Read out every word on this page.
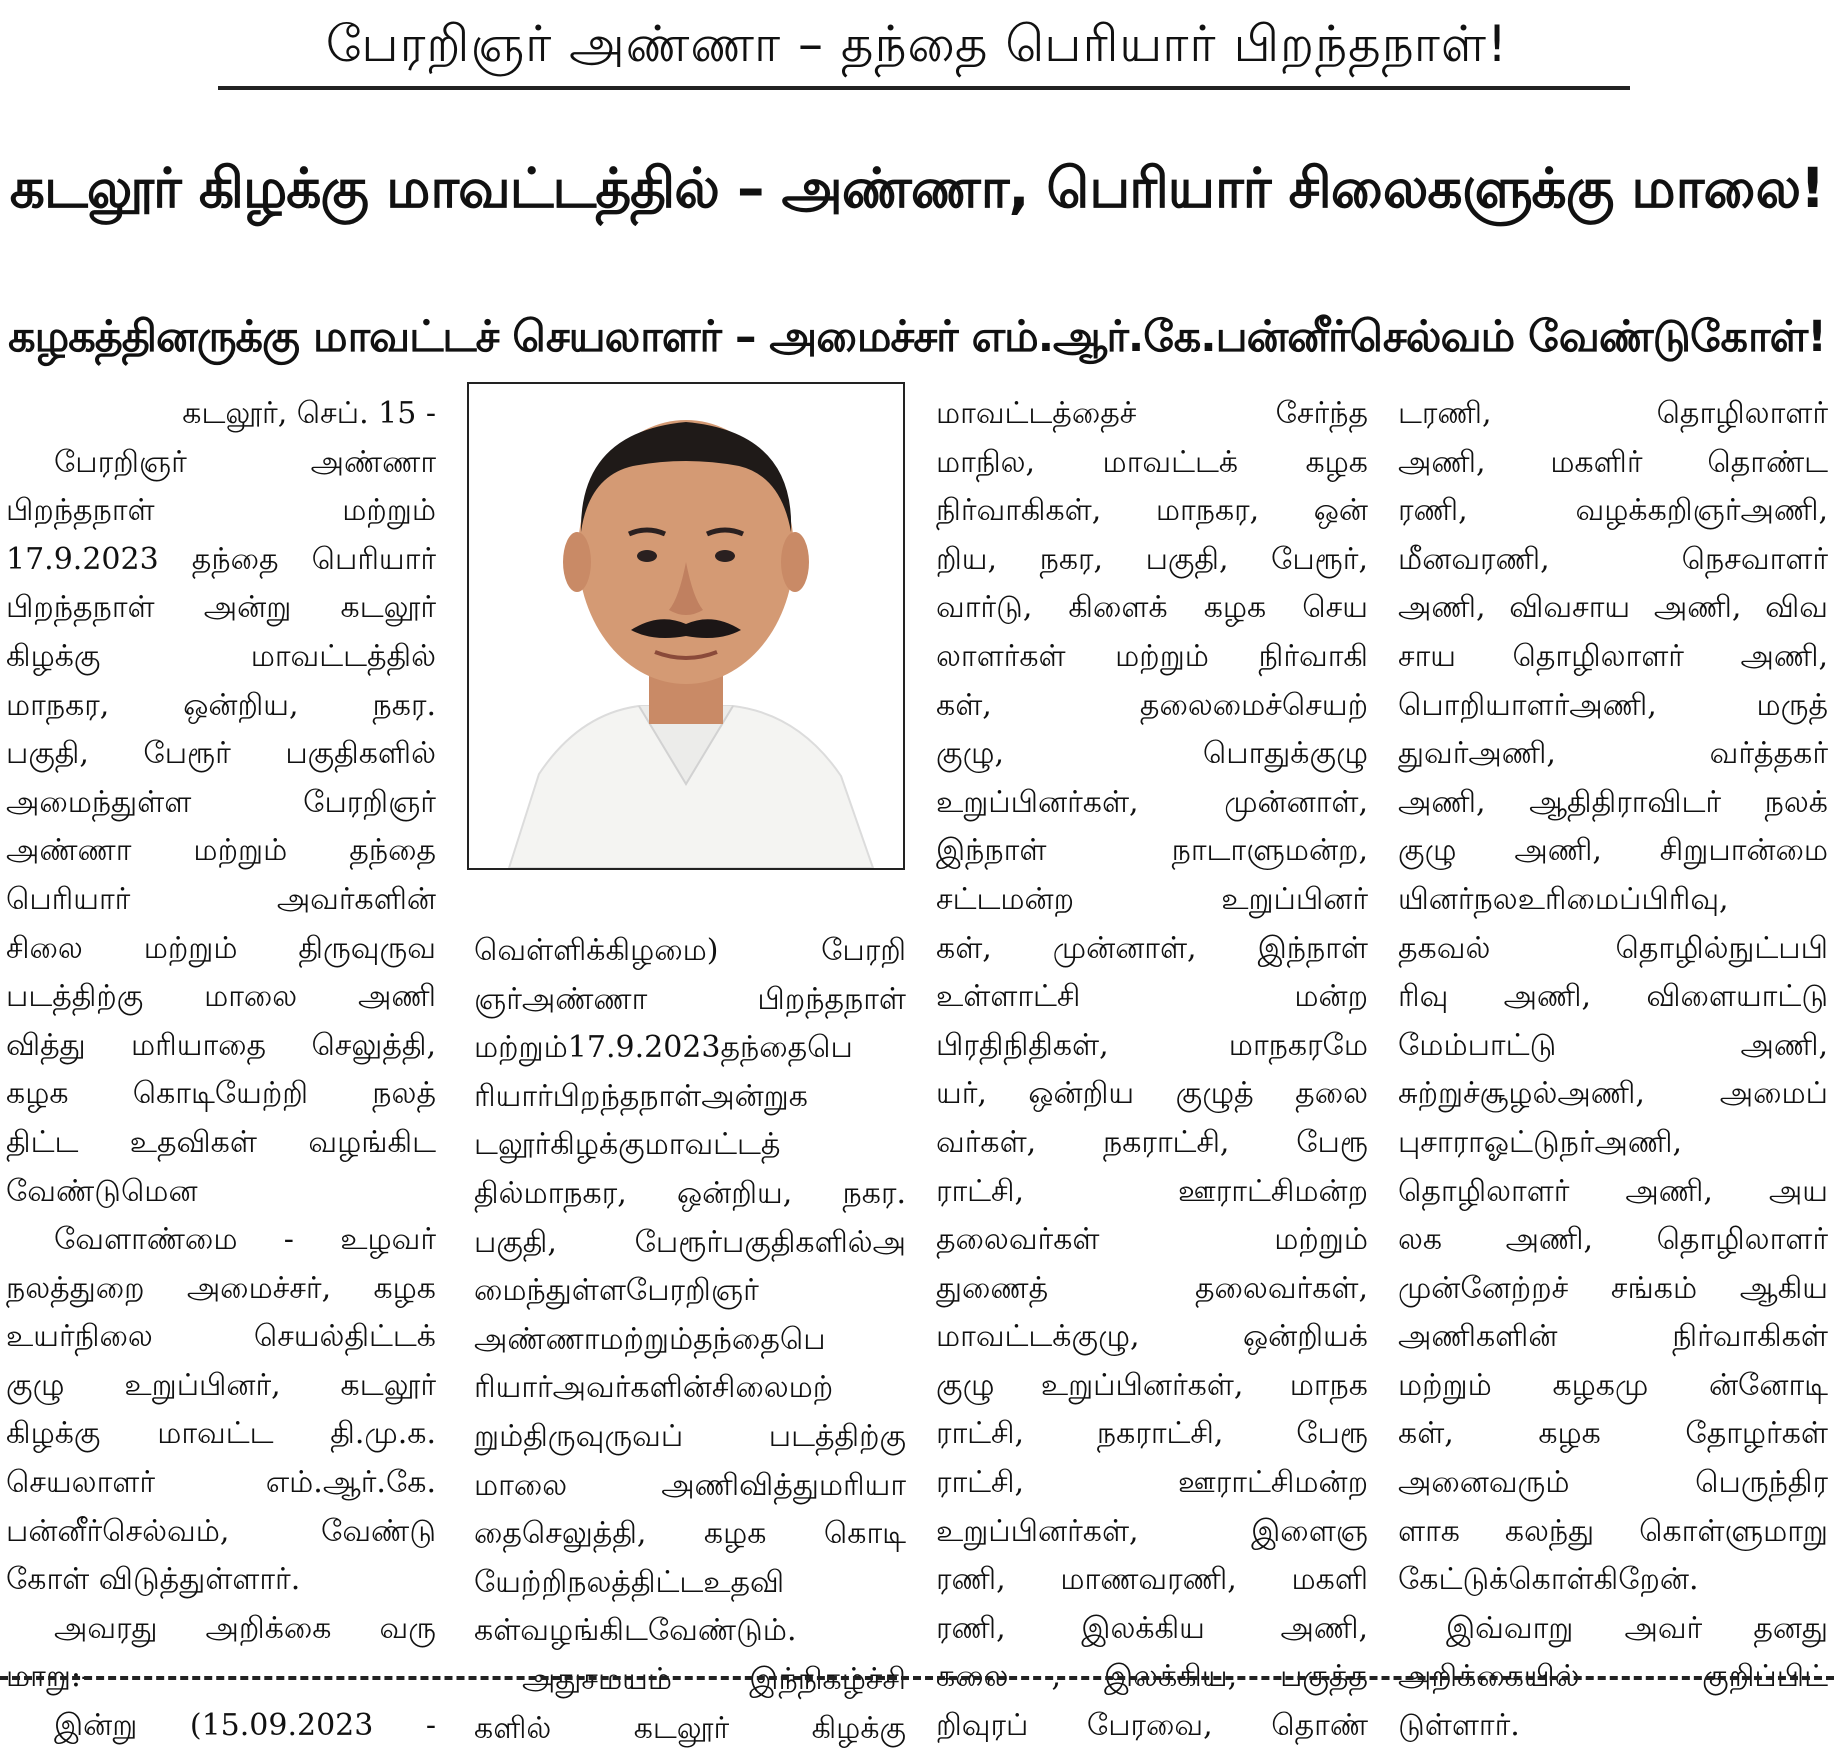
பேரறிஞர் அண்ணா – தந்தை பெரியார் பிறந்தநாள்!
கடலூர் கிழக்கு மாவட்டத்தில் – அண்ணா, பெரியார் சிலைகளுக்கு மாலை!
கழகத்தினருக்கு மாவட்டச் செயலாளர் – அமைச்சர் எம்.ஆர்.கே.பன்னீர்செல்வம் வேண்டுகோள்!
கடலூர், செப். 15 -
பேரறிஞர் அண்ணா
பிறந்தநாள் மற்றும்
17.9.2023 தந்தை பெரியார்
பிறந்தநாள் அன்று கடலூர்
கிழக்கு மாவட்டத்தில்
மாநகர, ஒன்றிய, நகர.
பகுதி, பேரூர் பகுதிகளில்
அமைந்துள்ள பேரறிஞர்
அண்ணா மற்றும் தந்தை
பெரியார் அவர்களின்
சிலை மற்றும் திருவுருவ
படத்திற்கு மாலை அணி
வித்து மரியாதை செலுத்தி,
கழக கொடியேற்றி நலத்
திட்ட உதவிகள் வழங்கிட
வேண்டுமென
வேளாண்மை - உழவர்
நலத்துறை அமைச்சர், கழக
உயர்நிலை செயல்திட்டக்
குழு உறுப்பினர், கடலூர்
கிழக்கு மாவட்ட தி.மு.க.
செயலாளர் எம்.ஆர்.கே.
பன்னீர்செல்வம், வேண்டு
கோள் விடுத்துள்ளார்.
அவரது அறிக்கை வரு
மாறு:-
இன்று (15.09.2023 -
வெள்ளிக்கிழமை) பேரறி
ஞர்அண்ணா பிறந்தநாள்
மற்றும்17.9.2023தந்தைபெ
ரியார்பிறந்தநாள்அன்றுக
டலூர்கிழக்குமாவட்டத்
தில்மாநகர, ஒன்றிய, நகர.
பகுதி, பேரூர்பகுதிகளில்அ
மைந்துள்ளபேரறிஞர்
அண்ணாமற்றும்தந்தைபெ
ரியார்அவர்களின்சிலைமற்
றும்திருவுருவப் படத்திற்கு
மாலை அணிவித்துமரியா
தைசெலுத்தி, கழக கொடி
யேற்றிநலத்திட்டஉதவி
கள்வழங்கிடவேண்டும்.
அதுசமயம் இந்நிகழ்ச்சி
களில் கடலூர் கிழக்கு
மாவட்டத்தைச் சேர்ந்த
மாநில, மாவட்டக் கழக
நிர்வாகிகள், மாநகர, ஒன்
றிய, நகர, பகுதி, பேரூர்,
வார்டு, கிளைக் கழக செய
லாளர்கள் மற்றும் நிர்வாகி
கள், தலைமைச்செயற்
குழு, பொதுக்குழு
உறுப்பினர்கள், முன்னாள்,
இந்நாள் நாடாளுமன்ற,
சட்டமன்ற உறுப்பினர்
கள், முன்னாள், இந்நாள்
உள்ளாட்சி மன்ற
பிரதிநிதிகள், மாநகரமே
யர், ஒன்றிய குழுத் தலை
வர்கள், நகராட்சி, பேரூ
ராட்சி, ஊராட்சிமன்ற
தலைவர்கள் மற்றும்
துணைத் தலைவர்கள்,
மாவட்டக்குழு, ஒன்றியக்
குழு உறுப்பினர்கள், மாநக
ராட்சி, நகராட்சி, பேரூ
ராட்சி, ஊராட்சிமன்ற
உறுப்பினர்கள், இளைஞ
ரணி, மாணவரணி, மகளி
ரணி, இலக்கிய அணி,
கலை , இலக்கிய, பகுத்த
றிவுரப் பேரவை, தொண்
டரணி, தொழிலாளர்
அணி, மகளிர் தொண்ட
ரணி, வழக்கறிஞர்அணி,
மீனவரணி, நெசவாளர்
அணி, விவசாய அணி, விவ
சாய தொழிலாளர் அணி,
பொறியாளர்அணி, மருத்
துவர்அணி, வர்த்தகர்
அணி, ஆதிதிராவிடர் நலக்
குழு அணி, சிறுபான்மை
யினர்நலஉரிமைப்பிரிவு,
தகவல் தொழில்நுட்பபி
ரிவு அணி, விளையாட்டு
மேம்பாட்டு அணி,
சுற்றுச்சூழல்அணி, அமைப்
புசாராஓட்டுநர்அணி,
தொழிலாளர் அணி, அய
லக அணி, தொழிலாளர்
முன்னேற்றச் சங்கம் ஆகிய
அணிகளின் நிர்வாகிகள்
மற்றும் கழகமு ன்னோடி
கள், கழக தோழர்கள்
அனைவரும் பெருந்திர
ளாக கலந்து கொள்ளுமாறு
கேட்டுக்கொள்கிறேன்.
இவ்வாறு அவர் தனது
அறிக்கையில் குறிப்பிட்
டுள்ளார்.
